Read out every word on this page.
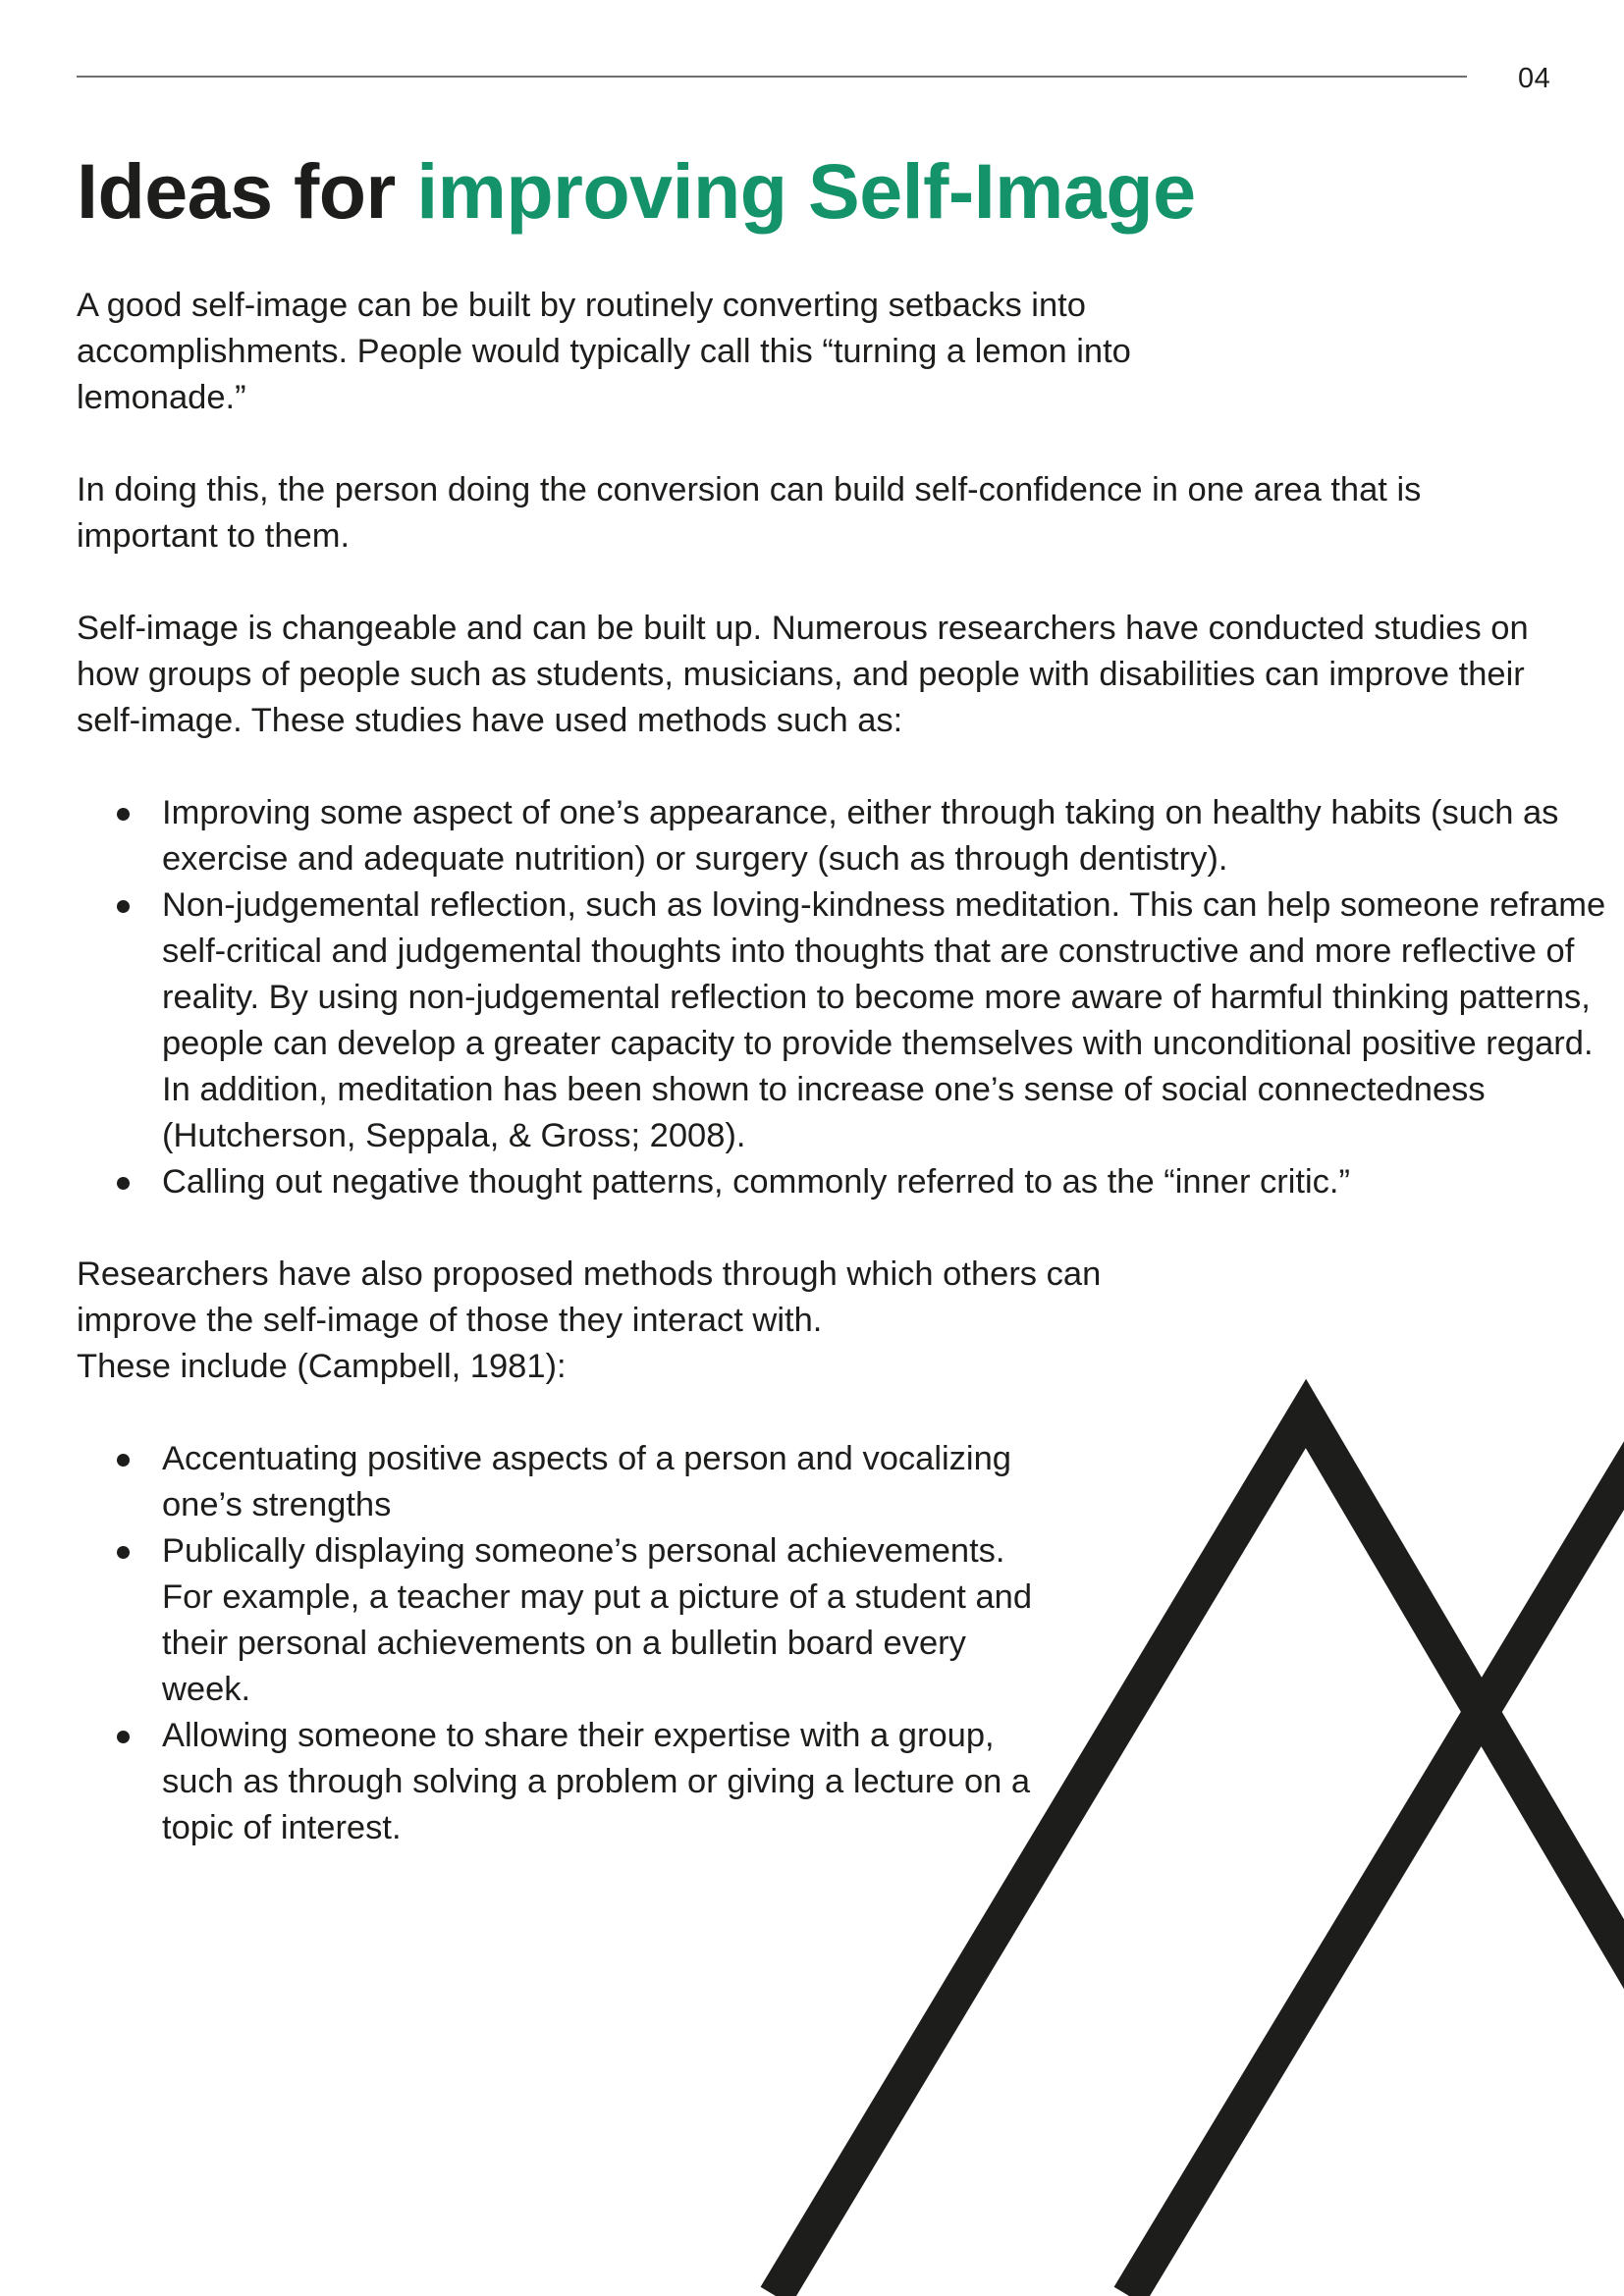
04
Ideas for improving Self-Image

A good self-image can be built by routinely converting setbacks into accomplishments. People would typically call this “turning a lemon into lemonade.”

In doing this, the person doing the conversion can build self-confidence in one area that is important to them.

Self-image is changeable and can be built up. Numerous researchers have conducted studies on how groups of people such as students, musicians, and people with disabilities can improve their self-image. These studies have used methods such as:

Improving some aspect of one’s appearance, either through taking on healthy habits (such as exercise and adequate nutrition) or surgery (such as through dentistry).
Non-judgemental reflection, such as loving-kindness meditation. This can help someone reframe self-critical and judgemental thoughts into thoughts that are constructive and more reflective of reality. By using non-judgemental reflection to become more aware of harmful thinking patterns, people can develop a greater capacity to provide themselves with unconditional positive regard. In addition, meditation has been shown to increase one’s sense of social connectedness (Hutcherson, Seppala, & Gross; 2008).
Calling out negative thought patterns, commonly referred to as the “inner critic.”

Researchers have also proposed methods through which others can improve the self-image of those they interact with.
These include (Campbell, 1981):

Accentuating positive aspects of a person and vocalizing one’s strengths
Publically displaying someone’s personal achievements. For example, a teacher may put a picture of a student and their personal achievements on a bulletin board every week.
Allowing someone to share their expertise with a group, such as through solving a problem or giving a lecture on a topic of interest.
